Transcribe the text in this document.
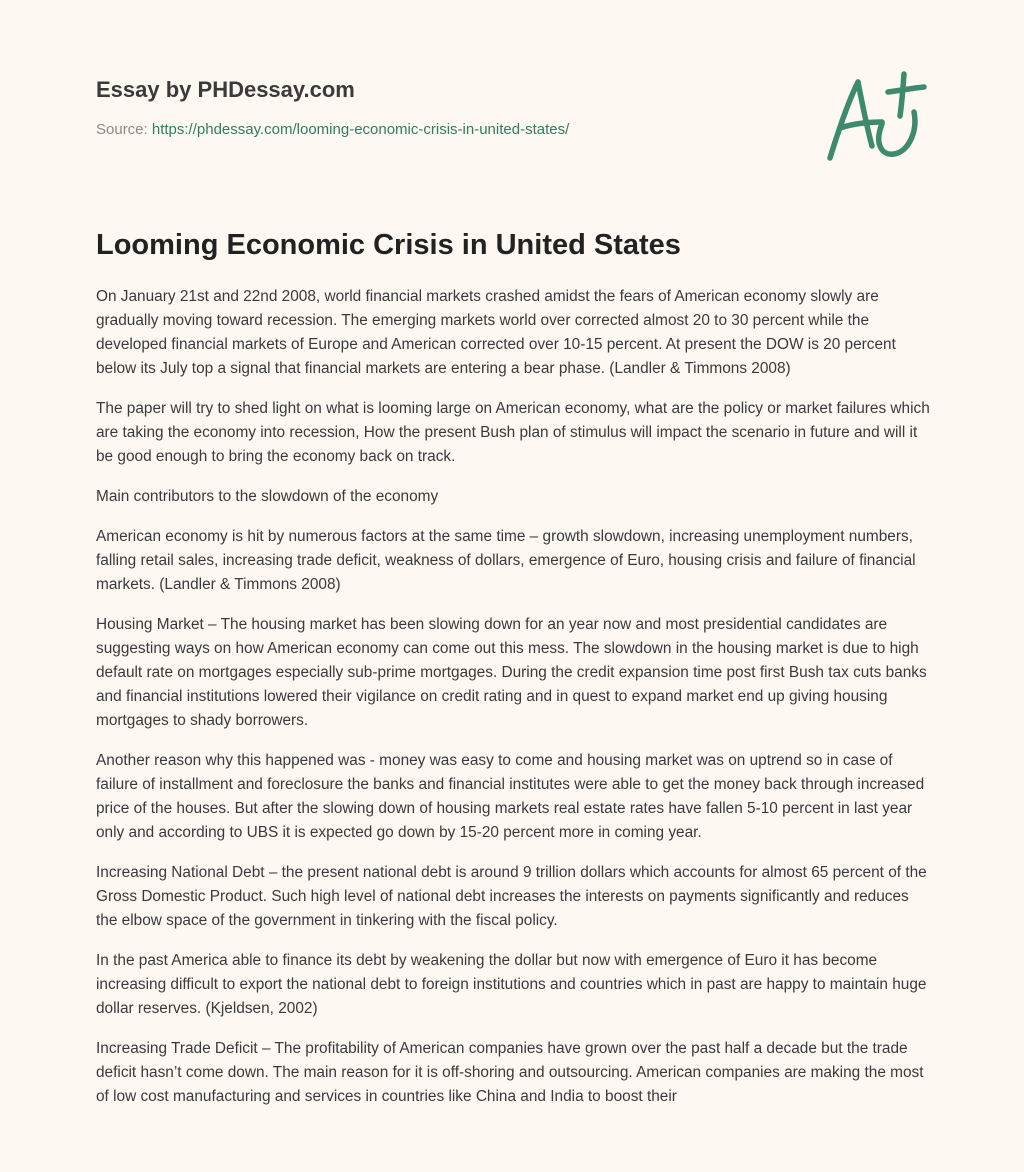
Essay by PHDessay.com
Source: https://phdessay.com/looming-economic-crisis-in-united-states/
Looming Economic Crisis in United States

On January 21st and 22nd 2008, world financial markets crashed amidst the fears of American economy slowly are gradually moving toward recession. The emerging markets world over corrected almost 20 to 30 percent while the developed financial markets of Europe and American corrected over 10-15 percent. At present the DOW is 20 percent below its July top a signal that financial markets are entering a bear phase. (Landler & Timmons 2008)

The paper will try to shed light on what is looming large on American economy, what are the policy or market failures which are taking the economy into recession, How the present Bush plan of stimulus will impact the scenario in future and will it be good enough to bring the economy back on track.

Main contributors to the slowdown of the economy

American economy is hit by numerous factors at the same time – growth slowdown, increasing unemployment numbers, falling retail sales, increasing trade deficit, weakness of dollars, emergence of Euro, housing crisis and failure of financial markets. (Landler & Timmons 2008)

Housing Market – The housing market has been slowing down for an year now and most presidential candidates are suggesting ways on how American economy can come out this mess. The slowdown in the housing market is due to high default rate on mortgages especially sub-prime mortgages. During the credit expansion time post first Bush tax cuts banks and financial institutions lowered their vigilance on credit rating and in quest to expand market end up giving housing mortgages to shady borrowers.

Another reason why this happened was - money was easy to come and housing market was on uptrend so in case of failure of installment and foreclosure the banks and financial institutes were able to get the money back through increased price of the houses. But after the slowing down of housing markets real estate rates have fallen 5-10 percent in last year only and according to UBS it is expected go down by 15-20 percent more in coming year.

Increasing National Debt – the present national debt is around 9 trillion dollars which accounts for almost 65 percent of the Gross Domestic Product. Such high level of national debt increases the interests on payments significantly and reduces the elbow space of the government in tinkering with the fiscal policy.

In the past America able to finance its debt by weakening the dollar but now with emergence of Euro it has become increasing difficult to export the national debt to foreign institutions and countries which in past are happy to maintain huge dollar reserves. (Kjeldsen, 2002)

Increasing Trade Deficit – The profitability of American companies have grown over the past half a decade but the trade deficit hasn’t come down. The main reason for it is off-shoring and outsourcing. American companies are making the most of low cost manufacturing and services in countries like China and India to boost their
